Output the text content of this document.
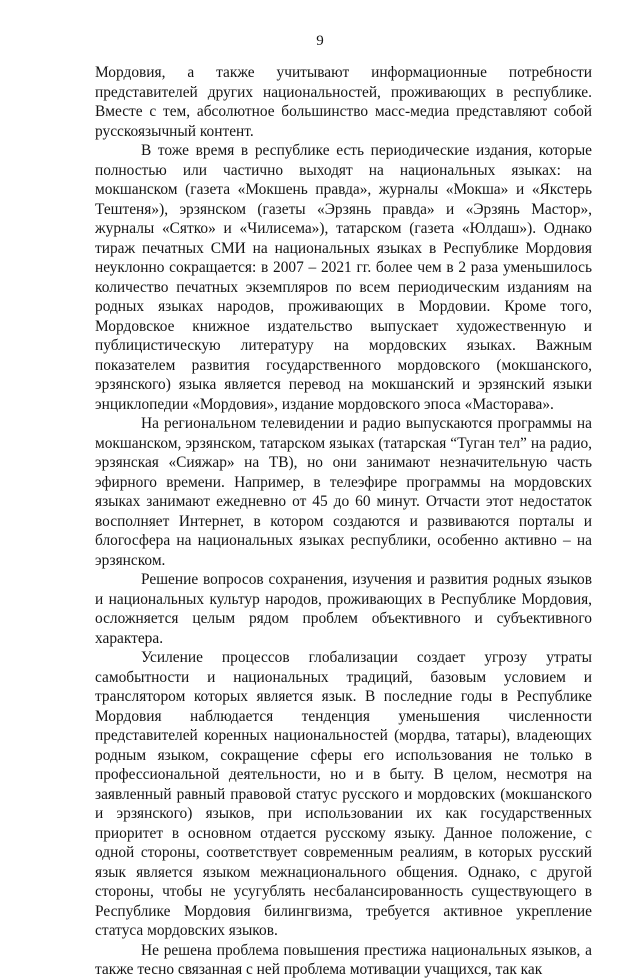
9

Мордовия, а также учитывают информационные потребности представителей других национальностей, проживающих в республике. Вместе с тем, абсолютное большинство масс-медиа представляют собой русскоязычный контент.

В тоже время в республике есть периодические издания, которые полностью или частично выходят на национальных языках: на мокшанском (газета «Мокшень правда», журналы «Мокша» и «Якстерь Тештеня»), эрзянском (газеты «Эрзянь правда» и «Эрзянь Мастор», журналы «Сятко» и «Чилисема»), татарском (газета «Юлдаш»). Однако тираж печатных СМИ на национальных языках в Республике Мордовия неуклонно сокращается: в 2007 – 2021 гг. более чем в 2 раза уменьшилось количество печатных экземпляров по всем периодическим изданиям на родных языках народов, проживающих в Мордовии. Кроме того, Мордовское книжное издательство выпускает художественную и публицистическую литературу на мордовских языках. Важным показателем развития государственного мордовского (мокшанского, эрзянского) языка является перевод на мокшанский и эрзянский языки энциклопедии «Мордовия», издание мордовского эпоса «Масторава».

На региональном телевидении и радио выпускаются программы на мокшанском, эрзянском, татарском языках (татарская “Туган тел” на радио, эрзянская «Сияжар» на ТВ), но они занимают незначительную часть эфирного времени. Например, в телеэфире программы на мордовских языках занимают ежедневно от 45 до 60 минут. Отчасти этот недостаток восполняет Интернет, в котором создаются и развиваются порталы и блогосфера на национальных языках республики, особенно активно – на эрзянском.

Решение вопросов сохранения, изучения и развития родных языков и национальных культур народов, проживающих в Республике Мордовия, осложняется целым рядом проблем объективного и субъективного характера.

Усиление процессов глобализации создает угрозу утраты самобытности и национальных традиций, базовым условием и транслятором которых является язык. В последние годы в Республике Мордовия наблюдается тенденция уменьшения численности представителей коренных национальностей (мордва, татары), владеющих родным языком, сокращение сферы его использования не только в профессиональной деятельности, но и в быту. В целом, несмотря на заявленный равный правовой статус русского и мордовских (мокшанского и эрзянского) языков, при использовании их как государственных приоритет в основном отдается русскому языку. Данное положение, с одной стороны, соответствует современным реалиям, в которых русский язык является языком межнационального общения. Однако, с другой стороны, чтобы не усугублять несбалансированность существующего в Республике Мордовия билингвизма, требуется активное укрепление статуса мордовских языков.

Не решена проблема повышения престижа национальных языков, а также тесно связанная с ней проблема мотивации учащихся, так как
